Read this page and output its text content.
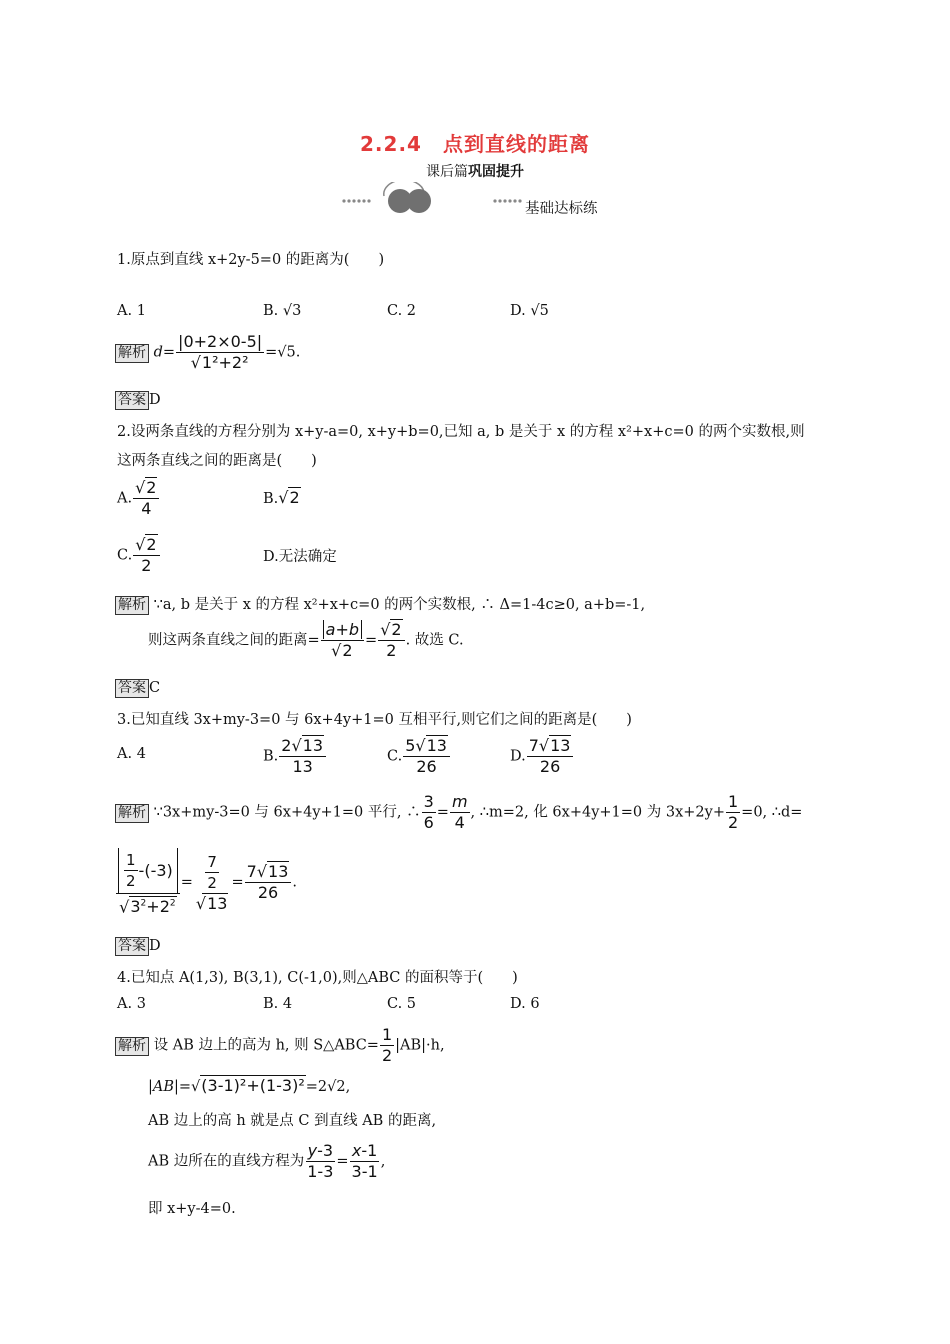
2.2.4　点到直线的距离
课后篇巩固提升
基础达标练
1.原点到直线 x+2y-5=0 的距离为(　　)
A. 1	B. √3	C. 2	D. √5
解析 $d= \frac{|0+2\times 0-5|}{\text{√1²+2²}} =√5$.
答案 D
2.设两条直线的方程分别为 x+y-a=0, x+y+b=0,已知 a, b 是关于 x 的方程 x²+x+c=0 的两个实数根,则
这两条直线之间的距离是(　　)
A. $\frac{√2}{4}$	B.√2
C. $\frac{√2}{2}$	D.无法确定
解析 ∵a, b 是关于 x 的方程 x²+x+c=0 的两个实数根, ∴ Δ=1-4c≥0, a+b=-1,
则这两条直线之间的距离= $\frac{a+b}{√2} = \frac{√2}{2}$ . 故选 C.
答案 C
3.已知直线 3x+my-3=0 与 6x+4y+1=0 互相平行,则它们之间的距离是(　　)
A. 4	B. $\frac{2√13}{13}$	C. $\frac{5√13}{26}$	D. $\frac{7√13}{26}$
解析 ∵3x+my-3=0 与 6x+4y+1=0 平行, ∴ $\frac{3}{6} = \frac{m}{4}$ , ∴m=2, 化 6x+4y+1=0 为 $3x+2y+ \frac{1}{2} =0$, ∴d=
$\frac{\frac{1}{2} -(-3)}{√3^2+2^2} = \frac{\frac{7}{2}}{√13} = \frac{7√13}{26}$ .
答案 D
4.已知点 A(1,3), B(3,1), C(-1,0),则△ABC 的面积等于(　　)
A. 3	B. 4	C. 5	D. 6
解析 设 AB 边上的高为 h, 则 S△ABC= $\frac{1}{2} |AB|\cdot h$,
|AB|=√(3-1)²+(1-3)²=2√2,
AB 边上的高 h 就是点 C 到直线 AB 的距离,
AB 边所在的直线方程为 $\frac{y-3}{1-3} = \frac{x-1}{3-1}$ ,
即 x+y-4=0.
